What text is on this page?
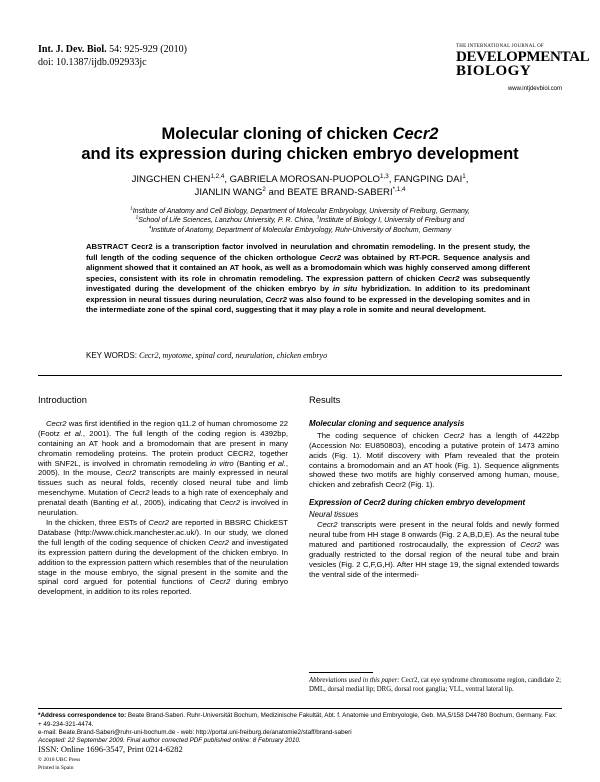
Int. J. Dev. Biol. 54: 925-929 (2010)
doi: 10.1387/ijdb.092933jc
THE INTERNATIONAL JOURNAL OF
DEVELOPMENTAL
BIOLOGY
www.intjdevbiol.com
Molecular cloning of chicken Cecr2
and its expression during chicken embryo development
JINGCHEN CHEN$^{1,2,4}$, GABRIELA MOROSAN-PUOPOLO$^{1,3}$, FANGPING DAI$^1$,
JIANLIN WANG$^2$ and BEATE BRAND-$SABERI^{*,1,4}$
$^1$Institute of Anatomy and Cell Biology, Department of Molecular Embryology, University of Freiburg, Germany,
$^2$School of Life Sciences, Lanzhou University, P. R. China, $^3$Institute of Biology I, University of Freiburg and
$^4$Institute of Anatomy, Department of Molecular Embryology, Ruhr-University of Bochum, Germany
ABSTRACT Cecr2 is a transcription factor involved in neurulation and chromatin remodeling. In the present study, the full length of the coding sequence of the chicken orthologue Cecr2 was obtained by RT-PCR. Sequence analysis and alignment showed that it contained an AT hook, as well as a bromodomain which was highly conserved among different species, consistent with its role in chromatin remodeling. The expression pattern of chicken Cecr2 was subsequently investigated during the development of the chicken embryo by in situ hybridization. In addition to its predominant expression in neural tissues during neurulation, Cecr2 was also found to be expressed in the developing somites and in the intermediate zone of the spinal cord, suggesting that it may play a role in somite and neural development.
KEY WORDS: Cecr2, myotome, spinal cord, neurulation, chicken embryo
Introduction

Cecr2 was first identified in the region q11.2 of human chromosome 22 (Footz et al., 2001). The full length of the coding region is 4392bp, containing an AT hook and a bromodomain that are present in many chromatin remodeling proteins. The protein product CECR2, together with SNF2L, is involved in chromatin remodeling in vitro (Banting et al., 2005). In the mouse, Cecr2 transcripts are mainly expressed in neural tissues such as neural folds, recently closed neural tube and limb mesenchyme. Mutation of Cecr2 leads to a high rate of exencephaly and prenatal death (Banting et al., 2005), indicating that Cecr2 is involved in neurulation.

In the chicken, three ESTs of Cecr2 are reported in BBSRC ChickEST Database (http://www.chick.manchester.ac.uk/). In our study, we cloned the full length of the coding sequence of chicken Cecr2 and investigated its expression pattern during the development of the chicken embryo. In addition to the expression pattern which resembles that of the neurulation stage in the mouse embryo, the signal present in the somite and the spinal cord argued for potential functions of Cecr2 during embryo development, in addition to its roles reported.

Results
Molecular cloning and sequence analysis

The coding sequence of chicken Cecr2 has a length of 4422bp (Accession No: EU850803), encoding a putative protein of 1473 amino acids (Fig. 1). Motif discovery with Pfam revealed that the protein contains a bromodomain and an AT hook (Fig. 1). Sequence alignments showed these two motifs are highly conserved among human, mouse, chicken and zebrafish Cecr2 (Fig. 1).

Expression of Cecr2 during chicken embryo development
Neural tissues

Cecr2 transcripts were present in the neural folds and newly formed neural tube from HH stage 8 onwards (Fig. 2 A,B,D,E). As the neural tube matured and partitioned rostrocaudally, the expression of Cecr2 was gradually restricted to the dorsal region of the neural tube and brain vesicles (Fig. 2 C,F,G,H). After HH stage 19, the signal extended towards the ventral side of the intermedi-

Abbreviations used in this paper: Cecr2, cat eye syndrome chromosome region, candidate 2; DML, dorsal medial lip; DRG, dorsal root ganglia; VLL, ventral lateral lip.
*Address correspondence to: Beate Brand-Saberi. Ruhr-Universität Bochum, Medizinische Fakultät, Abt. f. Anatomie und Embryologie, Geb. MA,5/158 D44780 Bochum, Germany. Fax: + 49-234-321-4474.
e-mail: Beate.Brand-Saberi@ruhr-uni-bochum.de - web: http://portal.uni-freiburg.de/anatomie2/staff/brand-saberi
Accepted: 22 September 2009. Final author corrected PDF published online: 8 February 2010.
ISSN: Online 1696-3547, Print 0214-6282
© 2010 UBC Press
Printed in Spain
